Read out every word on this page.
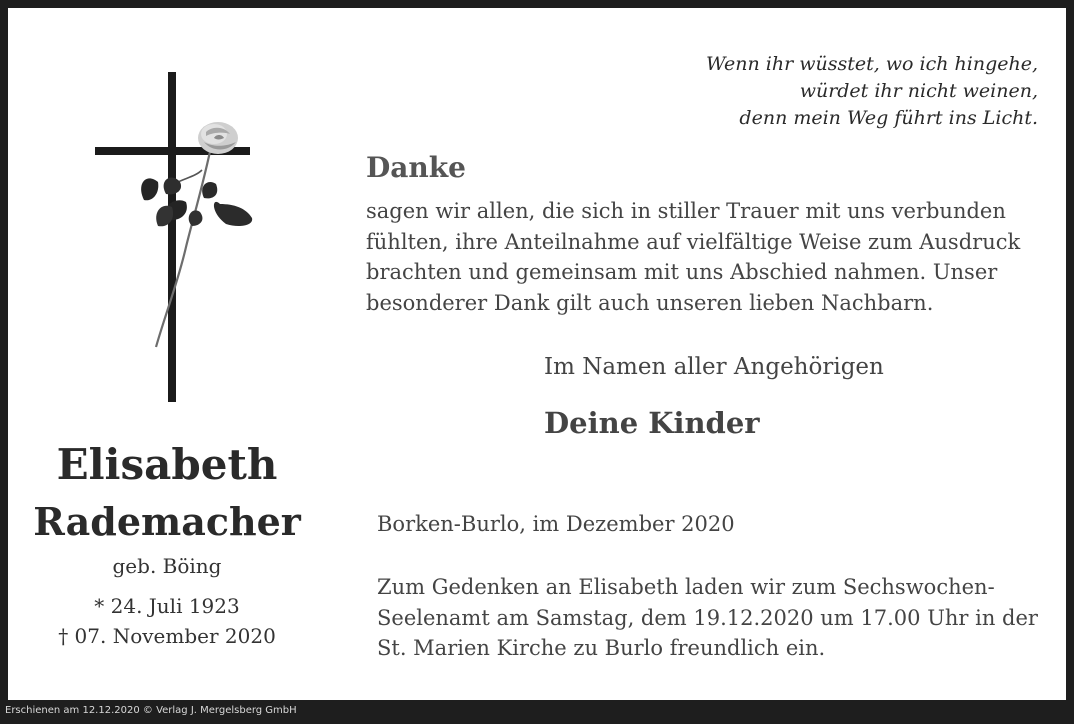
Wenn ihr wüsstet, wo ich hingehe,
würdet ihr nicht weinen,
denn mein Weg führt ins Licht.
Danke
sagen wir allen, die sich in stiller Trauer mit uns verbunden
fühlten, ihre Anteilnahme auf vielfältige Weise zum Ausdruck
brachten und gemeinsam mit uns Abschied nahmen. Unser
besonderer Dank gilt auch unseren lieben Nachbarn.
Im Namen aller Angehörigen
Deine Kinder
Elisabeth
Rademacher
geb. Böing
* 24. Juli 1923
† 07. November 2020
Borken-Burlo, im Dezember 2020
Zum Gedenken an Elisabeth laden wir zum Sechswochen-
Seelenamt am Samstag, dem 19.12.2020 um 17.00 Uhr in der
St. Marien Kirche zu Burlo freundlich ein.
Erschienen am 12.12.2020 © Verlag J. Mergelsberg GmbH
